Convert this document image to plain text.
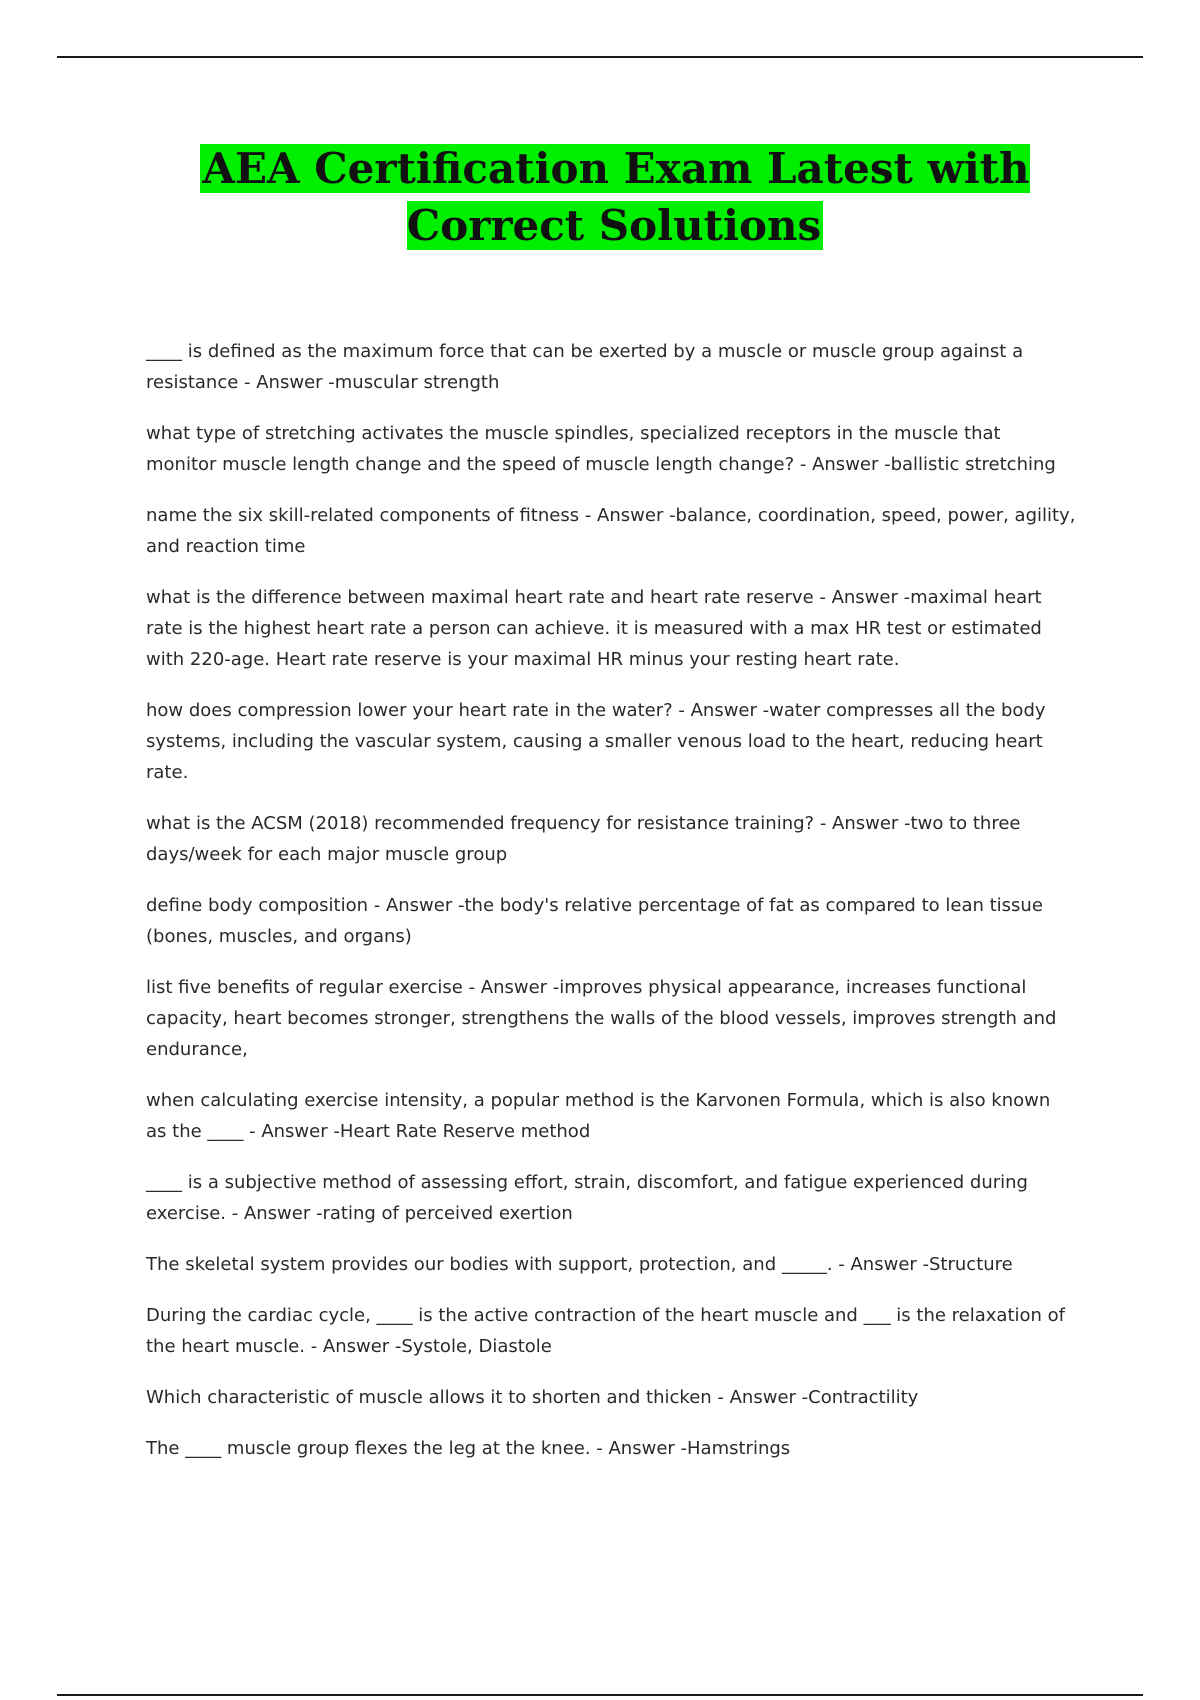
AEA Certification Exam Latest with Correct Solutions

____ is defined as the maximum force that can be exerted by a muscle or muscle group against a resistance - Answer -muscular strength

what type of stretching activates the muscle spindles, specialized receptors in the muscle that monitor muscle length change and the speed of muscle length change? - Answer -ballistic stretching

name the six skill-related components of fitness - Answer -balance, coordination, speed, power, agility, and reaction time

what is the difference between maximal heart rate and heart rate reserve - Answer -maximal heart rate is the highest heart rate a person can achieve. it is measured with a max HR test or estimated with 220-age. Heart rate reserve is your maximal HR minus your resting heart rate.

how does compression lower your heart rate in the water? - Answer -water compresses all the body systems, including the vascular system, causing a smaller venous load to the heart, reducing heart rate.

what is the ACSM (2018) recommended frequency for resistance training? - Answer -two to three days/week for each major muscle group

define body composition - Answer -the body's relative percentage of fat as compared to lean tissue (bones, muscles, and organs)

list five benefits of regular exercise - Answer -improves physical appearance, increases functional capacity, heart becomes stronger, strengthens the walls of the blood vessels, improves strength and endurance,

when calculating exercise intensity, a popular method is the Karvonen Formula, which is also known as the ____ - Answer -Heart Rate Reserve method

____ is a subjective method of assessing effort, strain, discomfort, and fatigue experienced during exercise. - Answer -rating of perceived exertion

The skeletal system provides our bodies with support, protection, and _____. - Answer -Structure

During the cardiac cycle, ____ is the active contraction of the heart muscle and ___ is the relaxation of the heart muscle. - Answer -Systole, Diastole

Which characteristic of muscle allows it to shorten and thicken - Answer -Contractility

The ____ muscle group flexes the leg at the knee. - Answer -Hamstrings
